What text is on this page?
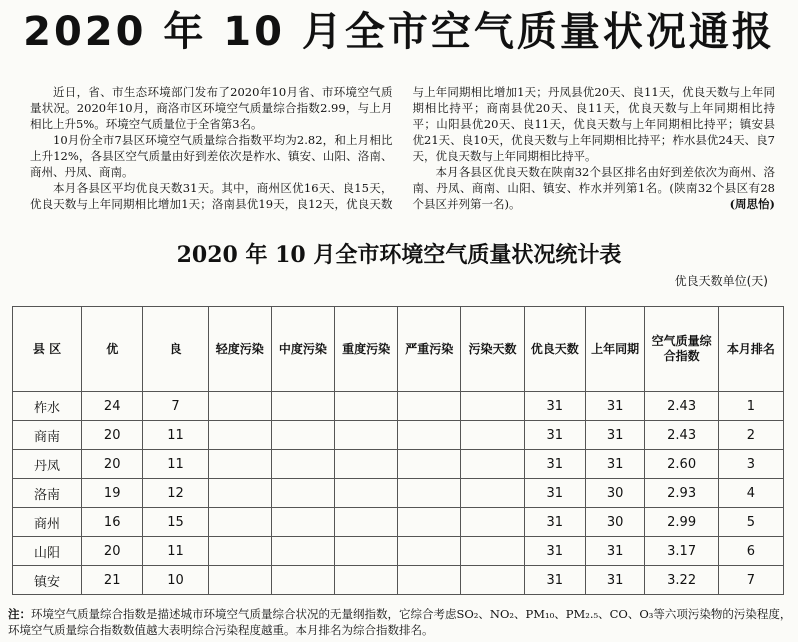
2020 年 10 月全市空气质量状况通报

近日，省、市生态环境部门发布了2020年10月省、市环境空气质量状况。2020年10月，商洛市区环境空气质量综合指数2.99，与上月相比上升5%。环境空气质量位于全省第3名。

10月份全市7县区环境空气质量综合指数平均为2.82，和上月相比上升12%，各县区空气质量由好到差依次是柞水、镇安、山阳、洛南、商州、丹凤、商南。

本月各县区平均优良天数31天。其中，商州区优16天、良15天，优良天数与上年同期相比增加1天；洛南县优19天，良12天，优良天数与上年同期相比增加1天；丹凤县优20天、良11天，优良天数与上年同期相比持平；商南县优20天、良11天，优良天数与上年同期相比持平；山阳县优20天、良11天，优良天数与上年同期相比持平；镇安县优21天、良10天，优良天数与上年同期相比持平；柞水县优24天、良7天，优良天数与上年同期相比持平。

本月各县区优良天数在陕南32个县区排名由好到差依次为商州、洛南、丹凤、商南、山阳、镇安、柞水并列第1名。(陕南32个县区有28个县区并列第一名)。	(周思怡)

2020 年 10 月全市环境空气质量状况统计表
优良天数单位(天)
县 区	优	良	轻度污染	中度污染	重度污染	严重污染	污染天数	优良天数	上年同期	空气质量综合指数	本月排名
柞水	24	7						31	31	2.43	1
商南	20	11						31	31	2.43	2
丹凤	20	11						31	31	2.60	3
洛南	19	12						31	30	2.93	4
商州	16	15						31	30	2.99	5
山阳	20	11						31	31	3.17	6
镇安	21	10						31	31	3.22	7
注：环境空气质量综合指数是描述城市环境空气质量综合状况的无量纲指数，它综合考虑SO₂、NO₂、PM₁₀、PM₂.₅、CO、O₃等六项污染物的污染程度，环境空气质量综合指数数值越大表明综合污染程度越重。本月排名为综合指数排名。
